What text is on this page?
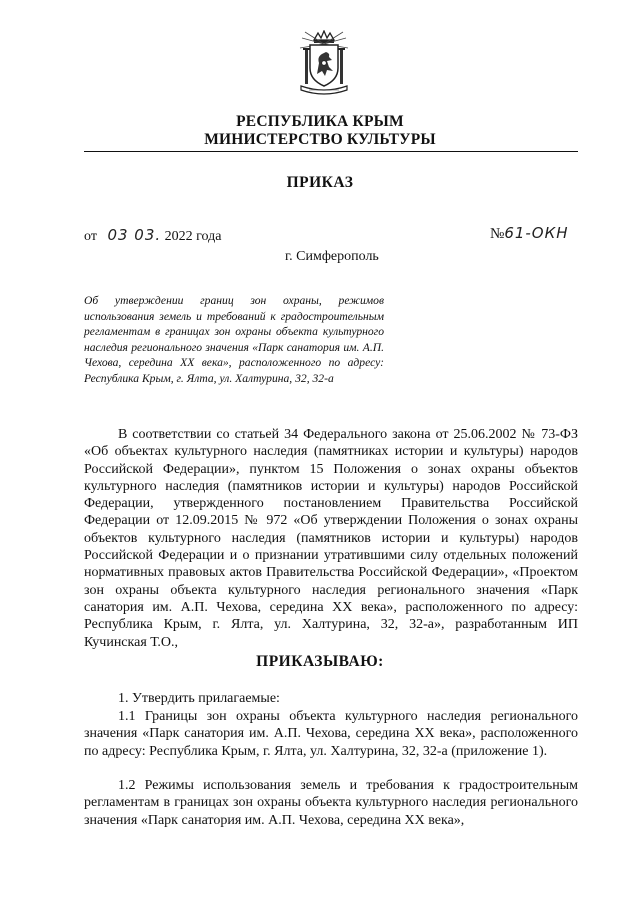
РЕСПУБЛИКА КРЫМ
МИНИСТЕРСТВО КУЛЬТУРЫ
ПРИКАЗ
от 03 03. 2022 года	№61-ОКН
г. Симферополь
Об утверждении границ зон охраны, режимов использования земель и требований к градостроительным регламентам в границах зон охраны объекта культурного наследия регионального значения «Парк санатория им. А.П. Чехова, середина XX века», расположенного по адресу: Республика Крым, г. Ялта, ул. Халтурина, 32, 32-а
В соответствии со статьей 34 Федерального закона от 25.06.2002 № 73-ФЗ «Об объектах культурного наследия (памятниках истории и культуры) народов Российской Федерации», пунктом 15 Положения о зонах охраны объектов культурного наследия (памятников истории и культуры) народов Российской Федерации, утвержденного постановлением Правительства Российской Федерации от 12.09.2015 № 972 «Об утверждении Положения о зонах охраны объектов культурного наследия (памятников истории и культуры) народов Российской Федерации и о признании утратившими силу отдельных положений нормативных правовых актов Правительства Российской Федерации», «Проектом зон охраны объекта культурного наследия регионального значения «Парк санатория им. А.П. Чехова, середина XX века», расположенного по адресу: Республика Крым, г. Ялта, ул. Халтурина, 32, 32-а», разработанным ИП Кучинская Т.О.,
ПРИКАЗЫВАЮ:
1. Утвердить прилагаемые:
1.1 Границы зон охраны объекта культурного наследия регионального значения «Парк санатория им. А.П. Чехова, середина XX века», расположенного по адресу: Республика Крым, г. Ялта, ул. Халтурина, 32, 32-а (приложение 1).
1.2 Режимы использования земель и требования к градостроительным регламентам в границах зон охраны объекта культурного наследия регионального значения «Парк санатория им. А.П. Чехова, середина XX века»,
